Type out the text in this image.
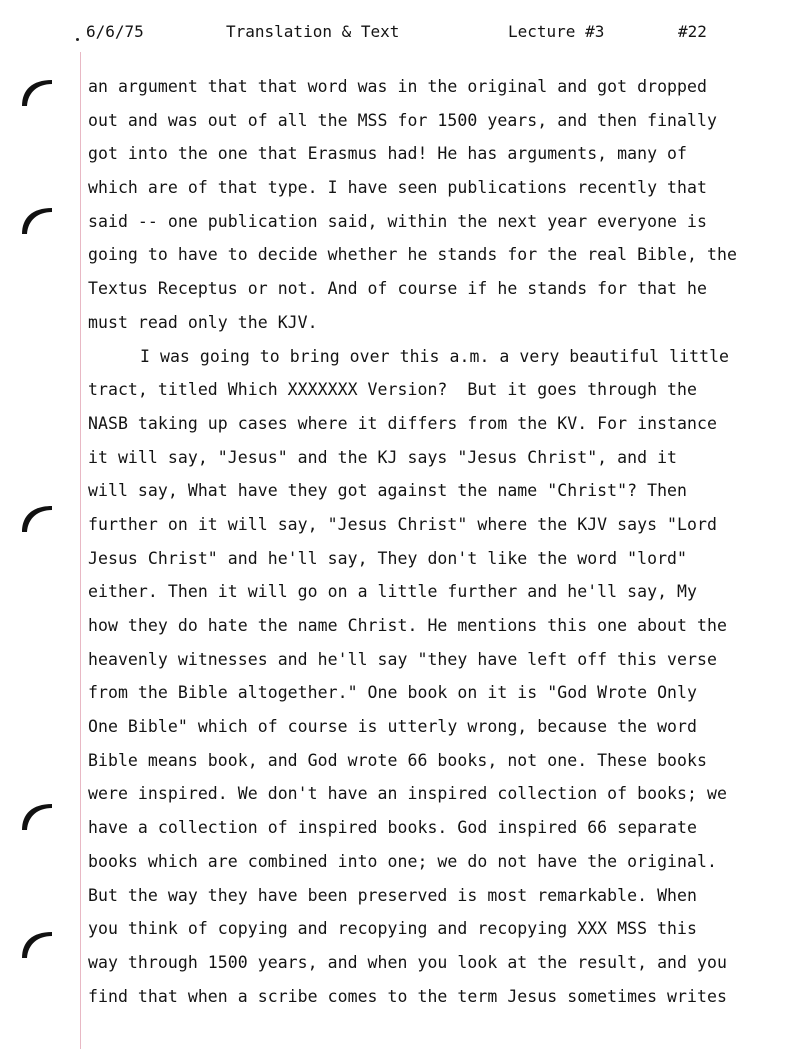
6/6/75	Translation & Text	Lecture #3	#22
an argument that that word was in the original and got dropped
out and was out of all the MSS for 1500 years, and then finally
got into the one that Erasmus had! He has arguments, many of
which are of that type. I have seen publications recently that
said -- one publication said, within the next year everyone is
going to have to decide whether he stands for the real Bible, the
Textus Receptus or not. And of course if he stands for that he
must read only the KJV.
I was going to bring over this a.m. a very beautiful little
tract, titled Which XXXXXXX Version?  But it goes through the
NASB taking up cases where it differs from the KV. For instance
it will say, "Jesus" and the KJ says "Jesus Christ", and it
will say, What have they got against the name "Christ"? Then
further on it will say, "Jesus Christ" where the KJV says "Lord
Jesus Christ" and he'll say, They don't like the word "lord"
either. Then it will go on a little further and he'll say, My
how they do hate the name Christ. He mentions this one about the
heavenly witnesses and he'll say "they have left off this verse
from the Bible altogether." One book on it is "God Wrote Only
One Bible" which of course is utterly wrong, because the word
Bible means book, and God wrote 66 books, not one. These books
were inspired. We don't have an inspired collection of books; we
have a collection of inspired books. God inspired 66 separate
books which are combined into one; we do not have the original.
But the way they have been preserved is most remarkable. When
you think of copying and recopying and recopying XXX MSS this
way through 1500 years, and when you look at the result, and you
find that when a scribe comes to the term Jesus sometimes writes
